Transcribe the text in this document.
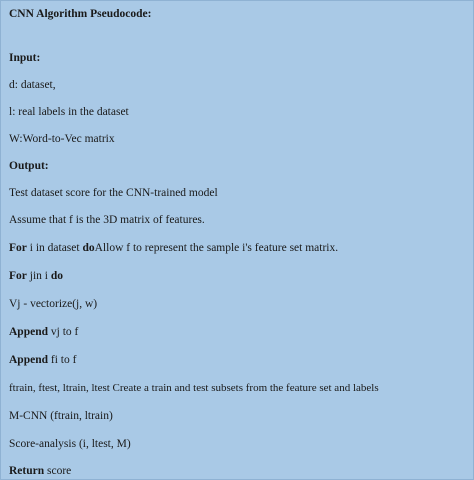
CNN Algorithm Pseudocode:
Input:
d: dataset,
l: real labels in the dataset
W:Word-to-Vec matrix
Output:
Test dataset score for the CNN-trained model
Assume that f is the 3D matrix of features.
For i in dataset doAllow f to represent the sample i's feature set matrix.
For jin i do
Vj - vectorize(j, w)
Append vj to f
Append fi to f
ftrain, ftest, ltrain, ltest Create a train and test subsets from the feature set and labels
M-CNN (ftrain, ltrain)
Score-analysis (i, ltest, M)
Return score
